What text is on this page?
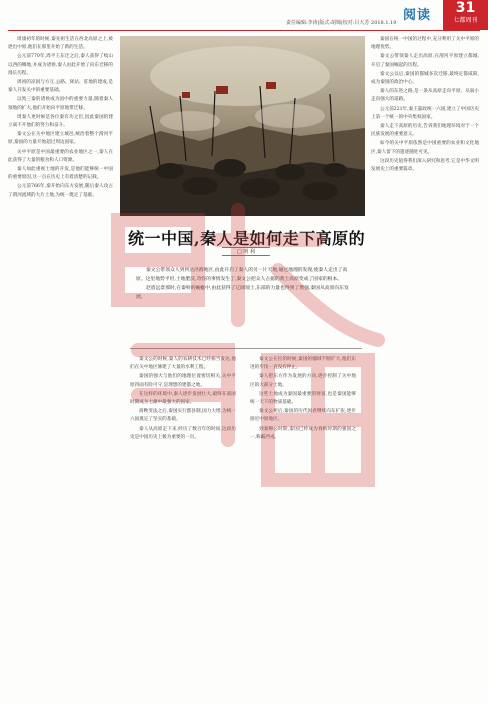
阅读
责任编辑:李涛|版式:胡锦|校对:吕大芳 2018.1.19
31
七都周刊

周康初年的时候,秦先祖生活在西北高原之上,被逐出中原,他们在那里开始了新的生活。

公元前770年,周平王东迁之后,秦人获得了岐山以西的赐地,并成为诸侯,秦人由此开始了向东迁移的漫长历程。

周初的凉国与方互,公路、驿站、驻地的建成,是秦人开发关中的重要基础。

以致三秦的诸侯成为国中的重要力量,随着秦人领地的扩大,他们开始向平原地带迁移。

周秦人更时候是各位秦有功之臣,因此秦国的建立离不开他们的努力和奋斗。

秦文公在关中地区建立城邑,统治着整个渭河平原,秦国的力量开始超过周边国家。

关中平原是中国最重要的农业地区之一,秦人在此获得了大量的粮食和人口资源。

秦人如此重视土地的开发,是他们能够统一中国的重要原因,这一点在历史上有着清楚的记载。

公元前766年,秦开始向东方发展,随后秦人攻占了渭河流域的大片土地,为统一奠定了基础。

统一中国,秦人是如何走下高原的
□ 明 利

秦文公带领众人到到达泾渭地区,由此开启了秦人的另一片天地,通过地理的发现,使秦人走出了高原。这里地势平坦,土地肥沃,奇怪的事情发生了,秦文公把众人占据的黄土高原变成了国家的根本。

赵盾远景那时,在秦岭的蜿蜒中,由此获得了辽阔领土,东部的力量也得到了增强,秦国从高原向东发展。

秦文公的时候,秦人的农耕技术已经相当发达,他们在关中地区修建了大量的水利工程。

秦国的强大与他们的地理位置密切相关,关中平原四面有险可守,是理想的建都之地。

在这样的环境中,秦人逐步发展壮大,最终在战国时期成为七雄中最强大的国家。

商鞅变法之后,秦国实行郡县制,国力大增,为统一六国奠定了坚实的基础。

秦人从高原走下来,经历了数百年的时间,这段历史是中国历史上极为重要的一页。

秦文公在位的时候,秦国的疆域不断扩大,他们东进的步伐一直没有停止。

秦人把东方作为发展的方向,逐步控制了关中地区的大部分土地。

这些土地成为秦国最重要的财富,也是秦国能够统一天下的物质基础。

秦文公死后,秦国的历代国君继续向东扩张,逐步接近中原地区。

到秦穆公时期,秦国已经成为春秋时期的强国之一,称霸西戎。

秦国在统一中国的过程中,充分利用了关中平原的地理优势。

秦文公带领秦人走出高原,在渭河平原建立都城,开启了秦国崛起的历程。

秦文公以后,秦国的都城多次迁移,最终定都咸阳,成为秦国的政治中心。

秦人的东进之路,是一条从高原走向平原、从弱小走向强大的道路。

公元前221年,秦王嬴政统一六国,建立了中国历史上第一个统一的中央集权国家。

秦人走下高原的历史,告诉我们地理环境对于一个民族发展的重要意义。

如今的关中平原依然是中国重要的农业和文化地区,秦人留下的遗迹随处可见。

这段历史值得我们深入研究和思考,它是中华文明发展史上的重要篇章。
